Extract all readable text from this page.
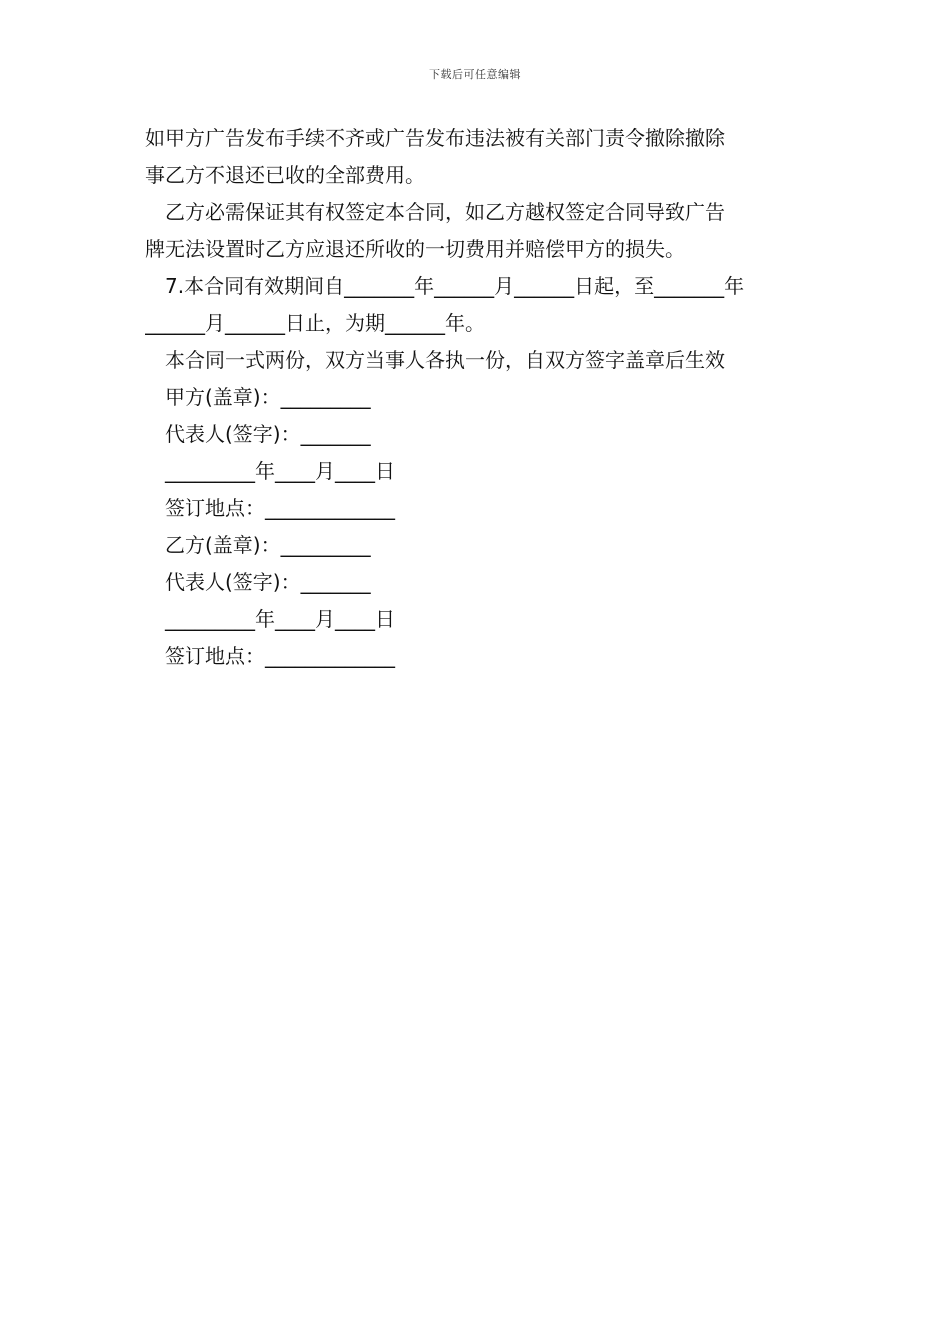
下载后可任意编辑
如甲方广告发布手续不齐或广告发布违法被有关部门责令撤除撤除
事乙方不退还已收的全部费用。
乙方必需保证其有权签定本合同，如乙方越权签定合同导致广告
牌无法设置时乙方应退还所收的一切费用并赔偿甲方的损失。
7.本合同有效期间自_______年______月______日起，至_______年
______月______日止，为期______年。
本合同一式两份，双方当事人各执一份，自双方签字盖章后生效
甲方(盖章)：_________
代表人(签字)：_______
_________年____月____日
签订地点：_____________
乙方(盖章)：_________
代表人(签字)：_______
_________年____月____日
签订地点：_____________
